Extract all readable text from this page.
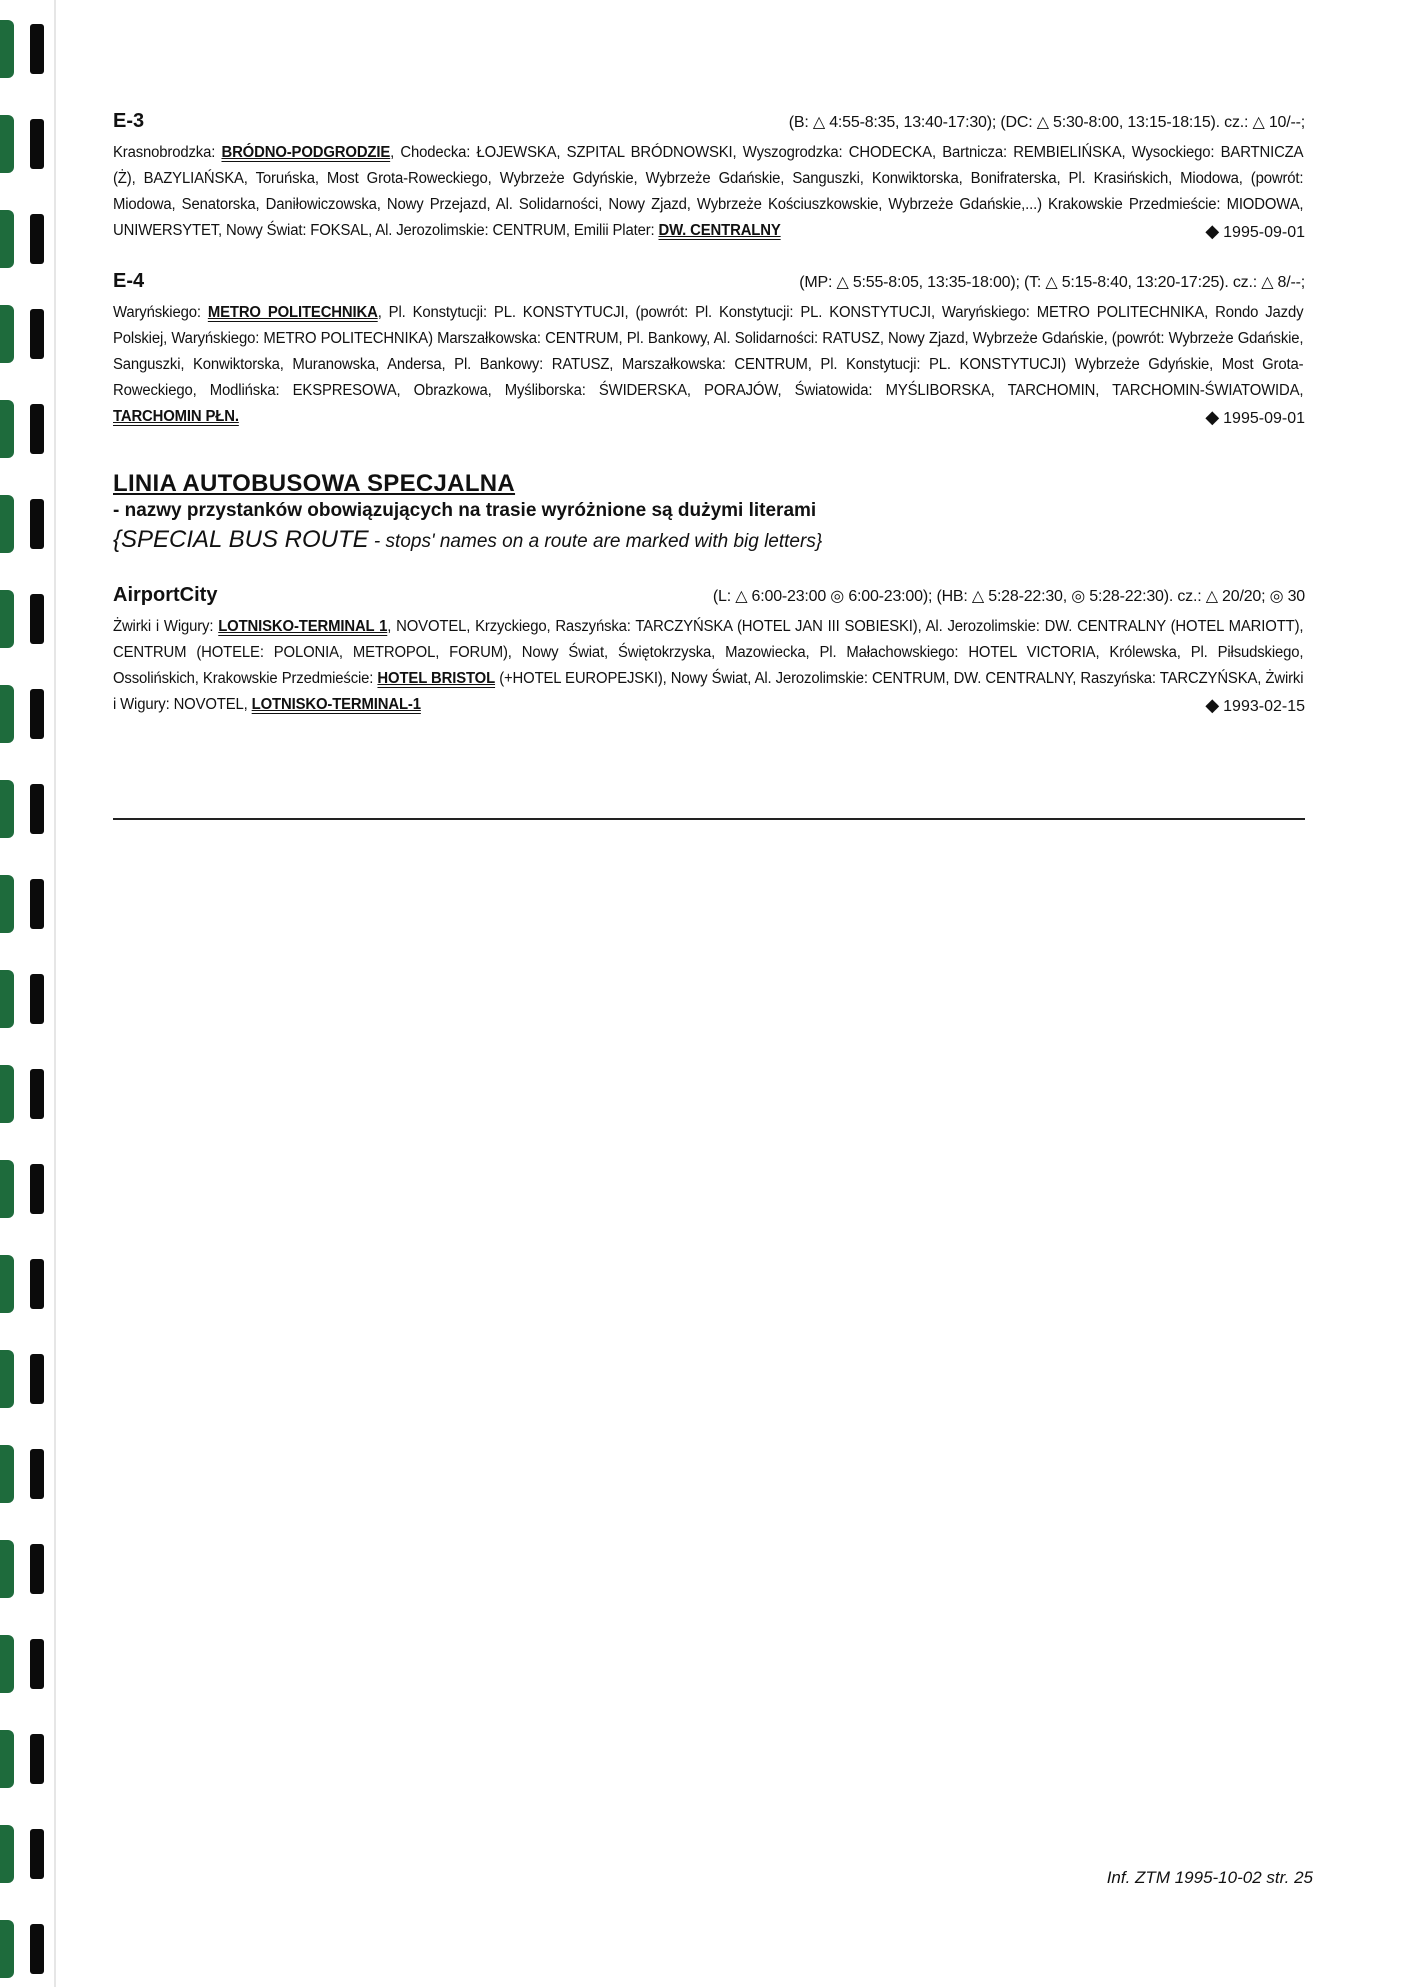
E-3	(B: △ 4:55-8:35, 13:40-17:30); (DC: △ 5:30-8:00, 13:15-18:15). cz.: △ 10/--;
Krasnobrodzka: BRÓDNO-PODGRODZIE, Chodecka: ŁOJEWSKA, SZPITAL BRÓDNOWSKI, Wyszogrodzka: CHODECKA, Bartnicza: REMBIELIŃSKA, Wysockiego: BARTNICZA (Ż), BAZYLIAŃSKA, Toruńska, Most Grota-Roweckiego, Wybrzeże Gdyńskie, Wybrzeże Gdańskie, Sanguszki, Konwiktorska, Bonifraterska, Pl. Krasińskich, Miodowa, (powrót: Miodowa, Senatorska, Daniłowiczowska, Nowy Przejazd, Al. Solidarności, Nowy Zjazd, Wybrzeże Kościuszkowskie, Wybrzeże Gdańskie,...) Krakowskie Przedmieście: MIODOWA, UNIWERSYTET, Nowy Świat: FOKSAL, Al. Jerozolimskie: CENTRUM, Emilii Plater: DW. CENTRALNY	◆ 1995-09-01
E-4	(MP: △ 5:55-8:05, 13:35-18:00); (T: △ 5:15-8:40, 13:20-17:25). cz.: △ 8/--;
Waryńskiego: METRO POLITECHNIKA, Pl. Konstytucji: PL. KONSTYTUCJI, (powrót: Pl. Konstytucji: PL. KONSTYTUCJI, Waryńskiego: METRO POLITECHNIKA, Rondo Jazdy Polskiej, Waryńskiego: METRO POLITECHNIKA) Marszałkowska: CENTRUM, Pl. Bankowy, Al. Solidarności: RATUSZ, Nowy Zjazd, Wybrzeże Gdańskie, (powrót: Wybrzeże Gdańskie, Sanguszki, Konwiktorska, Muranowska, Andersa, Pl. Bankowy: RATUSZ, Marszałkowska: CENTRUM, Pl. Konstytucji: PL. KONSTYTUCJI) Wybrzeże Gdyńskie, Most Grota-Roweckiego, Modlińska: EKSPRESOWA, Obrazkowa, Myśliborska: ŚWIDERSKA, PORAJÓW, Światowida: MYŚLIBORSKA, TARCHOMIN, TARCHOMIN-ŚWIATOWIDA, TARCHOMIN PŁN.	◆ 1995-09-01
LINIA AUTOBUSOWA SPECJALNA
- nazwy przystanków obowiązujących na trasie wyróżnione są dużymi literami
{SPECIAL BUS ROUTE - stops' names on a route are marked with big letters}
AirportCity	(L: △ 6:00-23:00 ◎ 6:00-23:00); (HB: △ 5:28-22:30, ◎ 5:28-22:30). cz.: △ 20/20; ◎ 30
Żwirki i Wigury: LOTNISKO-TERMINAL 1, NOVOTEL, Krzyckiego, Raszyńska: TARCZYŃSKA (HOTEL JAN III SOBIESKI), Al. Jerozolimskie: DW. CENTRALNY (HOTEL MARIOTT), CENTRUM (HOTELE: POLONIA, METROPOL, FORUM), Nowy Świat, Świętokrzyska, Mazowiecka, Pl. Małachowskiego: HOTEL VICTORIA, Królewska, Pl. Piłsudskiego, Ossolińskich, Krakowskie Przedmieście: HOTEL BRISTOL (+HOTEL EUROPEJSKI), Nowy Świat, Al. Jerozolimskie: CENTRUM, DW. CENTRALNY, Raszyńska: TARCZYŃSKA, Żwirki i Wigury: NOVOTEL, LOTNISKO-TERMINAL-1	◆ 1993-02-15
Inf. ZTM 1995-10-02 str. 25
